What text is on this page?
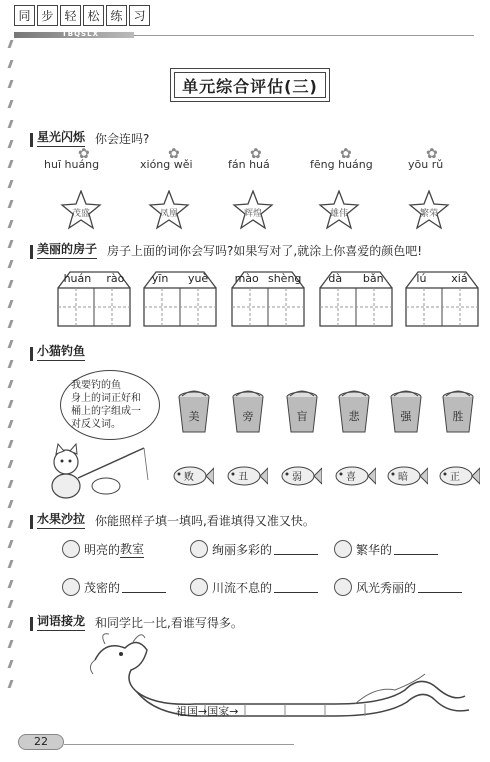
同 步 轻 松 练 习
TBQSLX
单元综合评估(三)
星光闪烁 你会连吗?
huī huáng	xióng wěi	fán huá	fēng huáng	yōu rǔ
✿	✿	✿	✿	✿
茂盛	凤凰	辉煌	雄伟	繁荣
美丽的房子 房子上面的词你会写吗?如果写对了,就涂上你喜爱的颜色吧!
huán rào yīn yuè mào shèng dà bǎn	lú xiá
小猫钓鱼
我要钓的鱼
身上的词正好和
桶上的字组成一
对反义词。
美	旁	盲	悲	强	胜
败	丑	弱	喜	暗	正
水果沙拉 你能照样子填一填吗,看谁填得又准又快。
明亮的 教室	绚丽多彩的	繁华的
茂密的	川流不息的	风光秀丽的
词语接龙 和同学比一比,看谁写得多。
祖国→国家→
22
